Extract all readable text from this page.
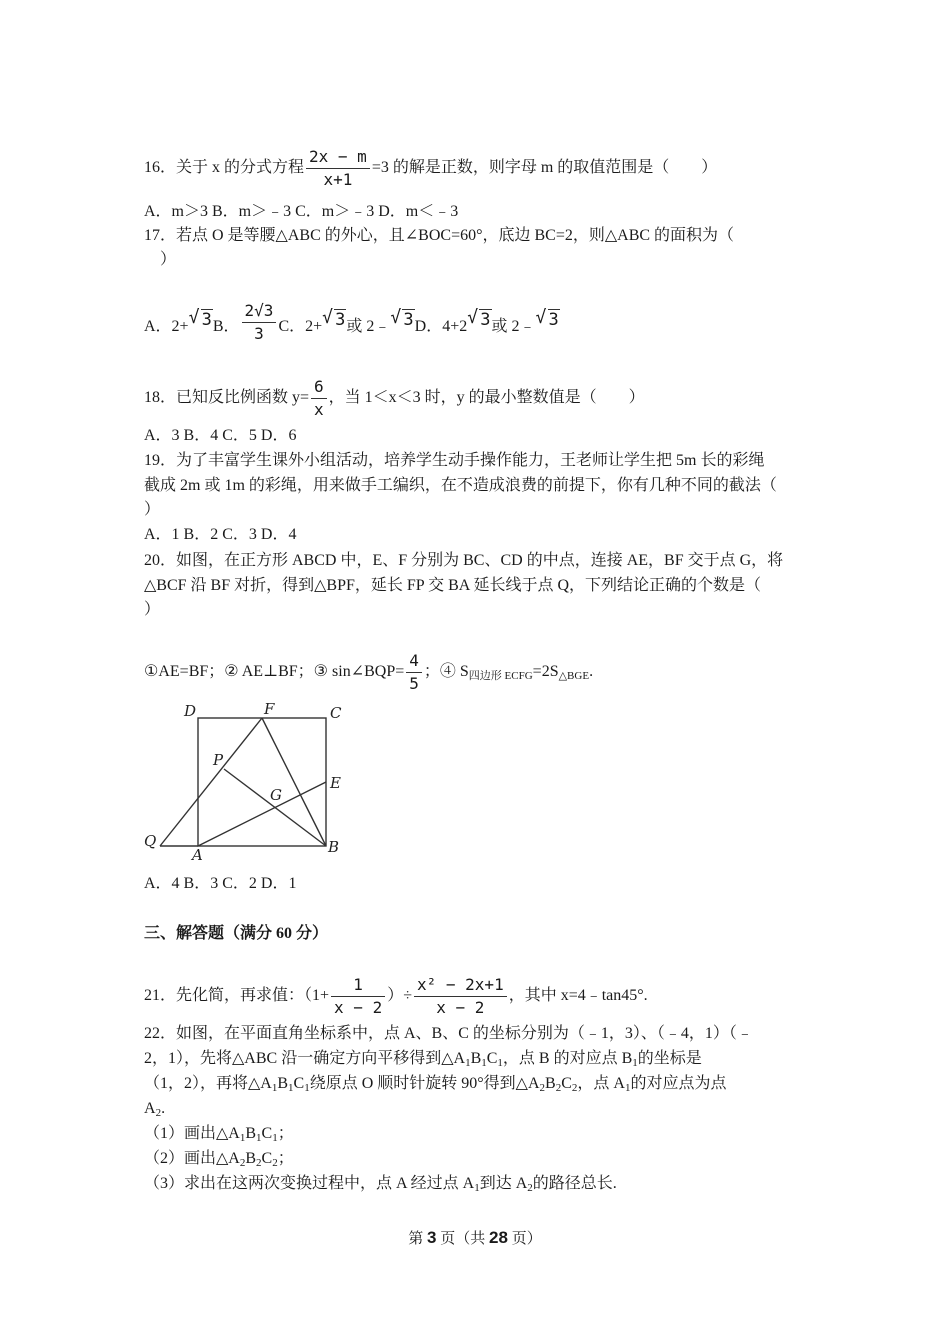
16．关于 x 的分式方程 $\frac{2x - m}{x+1} =3$ 的解是正数，则字母 m 的取值范围是（　　）
A．m＞3 B．m＞﹣3 C．m＞﹣3 D．m＜﹣3
17．若点 O 是等腰△ABC 的外心，且∠BOC=60°，底边 BC=2，则△ABC 的面积为（
）
A．2+ √ 3B． $\frac{2√3}{3}$ C．2+ √ 3或 2﹣ √ 3D．4+2 √ 3或 2﹣ √ 3
18．已知反比例函数 $y= \frac{6}{x}$ ，当 1＜x＜3 时，y 的最小整数值是（　　）
A．3 B．4 C．5 D．6
19．为了丰富学生课外小组活动，培养学生动手操作能力，王老师让学生把 5m 长的彩绳
截成 2m 或 1m 的彩绳，用来做手工编织，在不造成浪费的前提下，你有几种不同的截法（
）
A．1 B．2 C．3 D．4
20．如图，在正方形 ABCD 中，E、F 分别为 BC、CD 的中点，连接 AE，BF 交于点 G，将
△BCF 沿 BF 对折，得到△BPF，延长 FP 交 BA 延长线于点 Q，下列结论正确的个数是（
）
①AE=BF；② AE⊥BF；③ sin∠BQP= $\frac{4}{5}$ ；④ $S_{四边形 ECFG}=2S_{\triangle BGE}$.
D	F	C
P
E
G
Q
A	B
A．4 B．3 C．2 D．1
三、解答题（满分 60 分）
21．先化简，再求值：（$1+ \frac{1}{x - 2}$ ）÷ $\frac{\text{x² − 2x+1}}{x - 2}$ ，其中 x=4﹣tan45°.
22．如图，在平面直角坐标系中，点 A、B、C 的坐标分别为（﹣1，3）、（﹣4，1）（﹣
2，1），先将△ABC 沿一确定方向平移得到$\triangle A_1B_1C_1$，点 B 的对应点 $B_1$的坐标是
（1，2），再将$\triangle A_1B_1C_1$绕原点 O 顺时针旋转 90°得到$\triangle A_2B_2C_2$，点 $A_1$的对应点为点
$A_2$.
（1）画出$\triangle A_1B_1C_1$；
（2）画出$\triangle A_2B_2C_2$；
（3）求出在这两次变换过程中，点 A 经过点 $A_1$到达 $A_2$的路径总长.
第 3 页（共 28 页）
